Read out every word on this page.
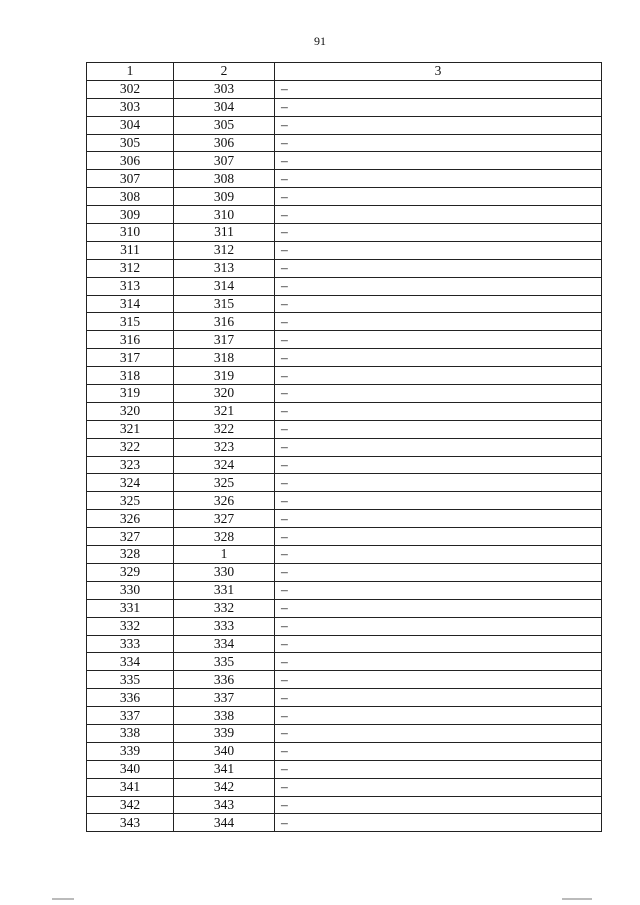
91
1	2	3
302	303	–
303	304	–
304	305	–
305	306	–
306	307	–
307	308	–
308	309	–
309	310	–
310	311	–
311	312	–
312	313	–
313	314	–
314	315	–
315	316	–
316	317	–
317	318	–
318	319	–
319	320	–
320	321	–
321	322	–
322	323	–
323	324	–
324	325	–
325	326	–
326	327	–
327	328	–
328	1	–
329	330	–
330	331	–
331	332	–
332	333	–
333	334	–
334	335	–
335	336	–
336	337	–
337	338	–
338	339	–
339	340	–
340	341	–
341	342	–
342	343	–
343	344	–
